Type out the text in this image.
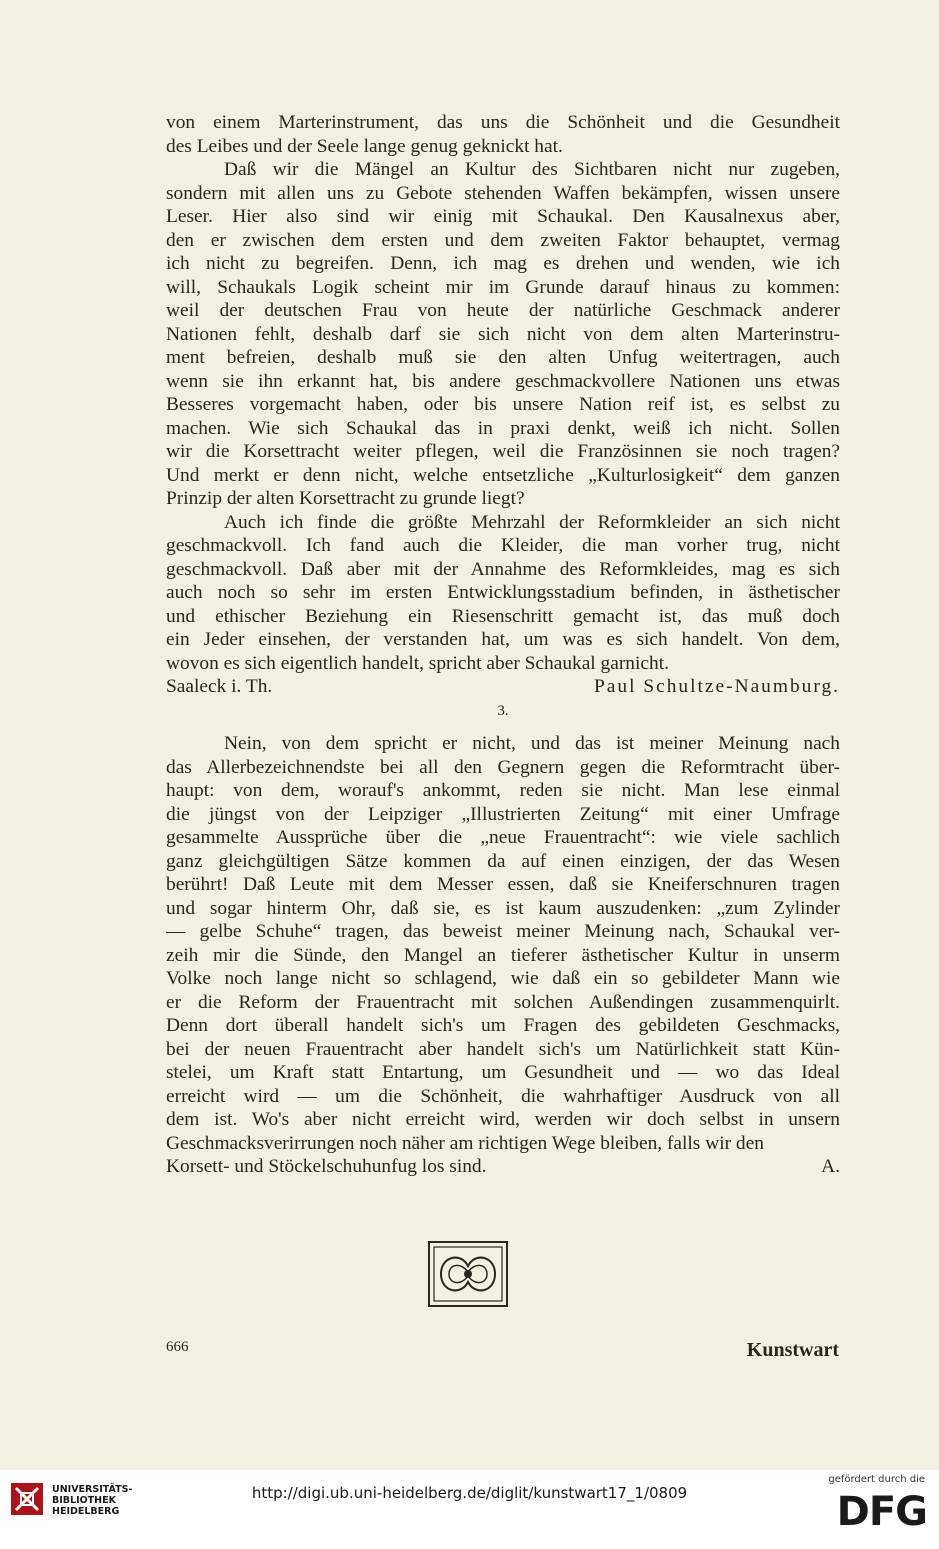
von einem Marterinstrument, das uns die Schönheit und die Gesundheit
des Leibes und der Seele lange genug geknickt hat.
Daß wir die Mängel an Kultur des Sichtbaren nicht nur zugeben,
sondern mit allen uns zu Gebote stehenden Waffen bekämpfen, wissen unsere
Leser. Hier also sind wir einig mit Schaukal. Den Kausalnexus aber,
den er zwischen dem ersten und dem zweiten Faktor behauptet, vermag
ich nicht zu begreifen. Denn, ich mag es drehen und wenden, wie ich
will, Schaukals Logik scheint mir im Grunde darauf hinaus zu kommen:
weil der deutschen Frau von heute der natürliche Geschmack anderer
Nationen fehlt, deshalb darf sie sich nicht von dem alten Marterinstru-
ment befreien, deshalb muß sie den alten Unfug weitertragen, auch
wenn sie ihn erkannt hat, bis andere geschmackvollere Nationen uns etwas
Besseres vorgemacht haben, oder bis unsere Nation reif ist, es selbst zu
machen. Wie sich Schaukal das in praxi denkt, weiß ich nicht. Sollen
wir die Korsettracht weiter pflegen, weil die Französinnen sie noch tragen?
Und merkt er denn nicht, welche entsetzliche „Kulturlosigkeit“ dem ganzen
Prinzip der alten Korsettracht zu grunde liegt?
Auch ich finde die größte Mehrzahl der Reformkleider an sich nicht
geschmackvoll. Ich fand auch die Kleider, die man vorher trug, nicht
geschmackvoll. Daß aber mit der Annahme des Reformkleides, mag es sich
auch noch so sehr im ersten Entwicklungsstadium befinden, in ästhetischer
und ethischer Beziehung ein Riesenschritt gemacht ist, das muß doch
ein Jeder einsehen, der verstanden hat, um was es sich handelt. Von dem,
wovon es sich eigentlich handelt, spricht aber Schaukal garnicht.
Saaleck i. Th.	Paul Schultze-Naumburg.
3.
Nein, von dem spricht er nicht, und das ist meiner Meinung nach
das Allerbezeichnendste bei all den Gegnern gegen die Reformtracht über-
haupt: von dem, worauf's ankommt, reden sie nicht. Man lese einmal
die jüngst von der Leipziger „Illustrierten Zeitung“ mit einer Umfrage
gesammelte Aussprüche über die „neue Frauentracht“: wie viele sachlich
ganz gleichgültigen Sätze kommen da auf einen einzigen, der das Wesen
berührt! Daß Leute mit dem Messer essen, daß sie Kneiferschnuren tragen
und sogar hinterm Ohr, daß sie, es ist kaum auszudenken: „zum Zylinder
— gelbe Schuhe“ tragen, das beweist meiner Meinung nach, Schaukal ver-
zeih mir die Sünde, den Mangel an tieferer ästhetischer Kultur in unserm
Volke noch lange nicht so schlagend, wie daß ein so gebildeter Mann wie
er die Reform der Frauentracht mit solchen Außendingen zusammenquirlt.
Denn dort überall handelt sich's um Fragen des gebildeten Geschmacks,
bei der neuen Frauentracht aber handelt sich's um Natürlichkeit statt Kün-
stelei, um Kraft statt Entartung, um Gesundheit und — wo das Ideal
erreicht wird — um die Schönheit, die wahrhaftiger Ausdruck von all
dem ist. Wo's aber nicht erreicht wird, werden wir doch selbst in unsern
Geschmacksverirrungen noch näher am richtigen Wege bleiben, falls wir den
Korsett- und Stöckelschuhunfug los sind.	A.
666	Kunstwart
UNIVERSITÄTS-
BIBLIOTHEK
HEIDELBERG
http://digi.ub.uni-heidelberg.de/diglit/kunstwart17_1/0809
gefördert durch die
DFG
